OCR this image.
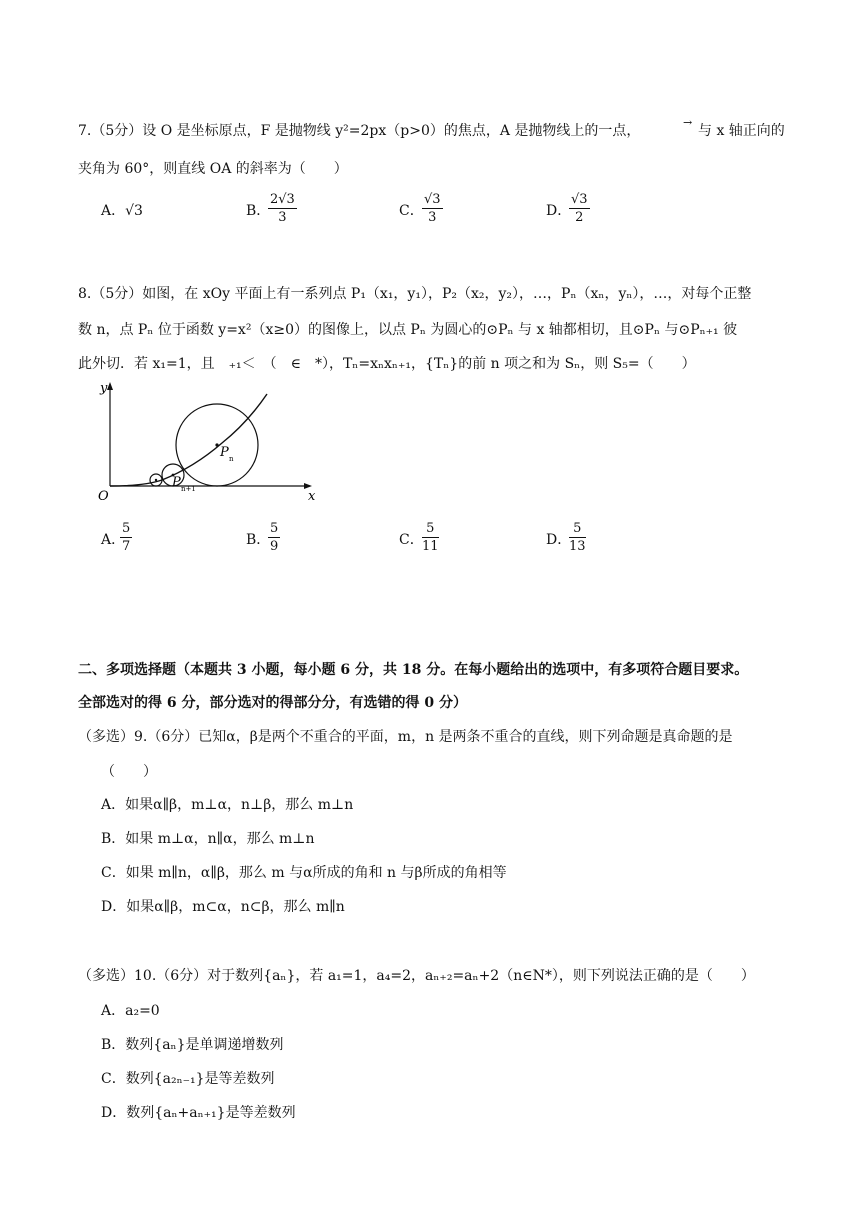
7.（5分）设 O 是坐标原点，F 是抛物线 y²=2px（p>0）的焦点，A 是抛物线上的一点，
→
与 x 轴正向的
夹角为 60°，则直线 OA 的斜率为（　　）
A．√3	B．
$\frac{2√3}{3}$	C．
$\frac{√3}{3}$	D．
$\frac{√3}{2}$
8.（5分）如图，在 xOy 平面上有一系列点 P₁（x₁，y₁），P₂（x₂，y₂），…，Pₙ（xₙ，yₙ），…，对每个正整
数 n，点 Pₙ 位于函数 y=x²（x≥0）的图像上，以点 Pₙ 为圆心的⊙Pₙ 与 x 轴都相切，且⊙Pₙ 与⊙Pₙ₊₁ 彼
此外切．若 x₁=1，且　₊₁＜　（　∈　*），Tₙ=xₙxₙ₊₁，{Tₙ}的前 n 项之和为 Sₙ，则 S₅=（　　）
y
x
O
P n
P n+1
A．
$\frac{5}{7}$	B．
$\frac{5}{9}$	C．
$\frac{5}{11}$	D．
$\frac{5}{13}$
二、多项选择题（本题共 3 小题，每小题 6 分，共 18 分。在每小题给出的选项中，有多项符合题目要求。
全部选对的得 6 分，部分选对的得部分分，有选错的得 0 分）
（多选）9.（6分）已知α，β是两个不重合的平面，m，n 是两条不重合的直线，则下列命题是真命题的是
（　　）
A．如果α∥β，m⊥α，n⊥β，那么 m⊥n
B．如果 m⊥α，n∥α，那么 m⊥n
C．如果 m∥n，α∥β，那么 m 与α所成的角和 n 与β所成的角相等
D．如果α∥β，m⊂α，n⊂β，那么 m∥n
（多选）10.（6分）对于数列{aₙ}，若 a₁=1，a₄=2，aₙ₊₂=aₙ+2（n∈N*），则下列说法正确的是（　　）
A．a₂=0
B．数列{aₙ}是单调递增数列
C．数列{a₂ₙ₋₁}是等差数列
D．数列{aₙ+aₙ₊₁}是等差数列
